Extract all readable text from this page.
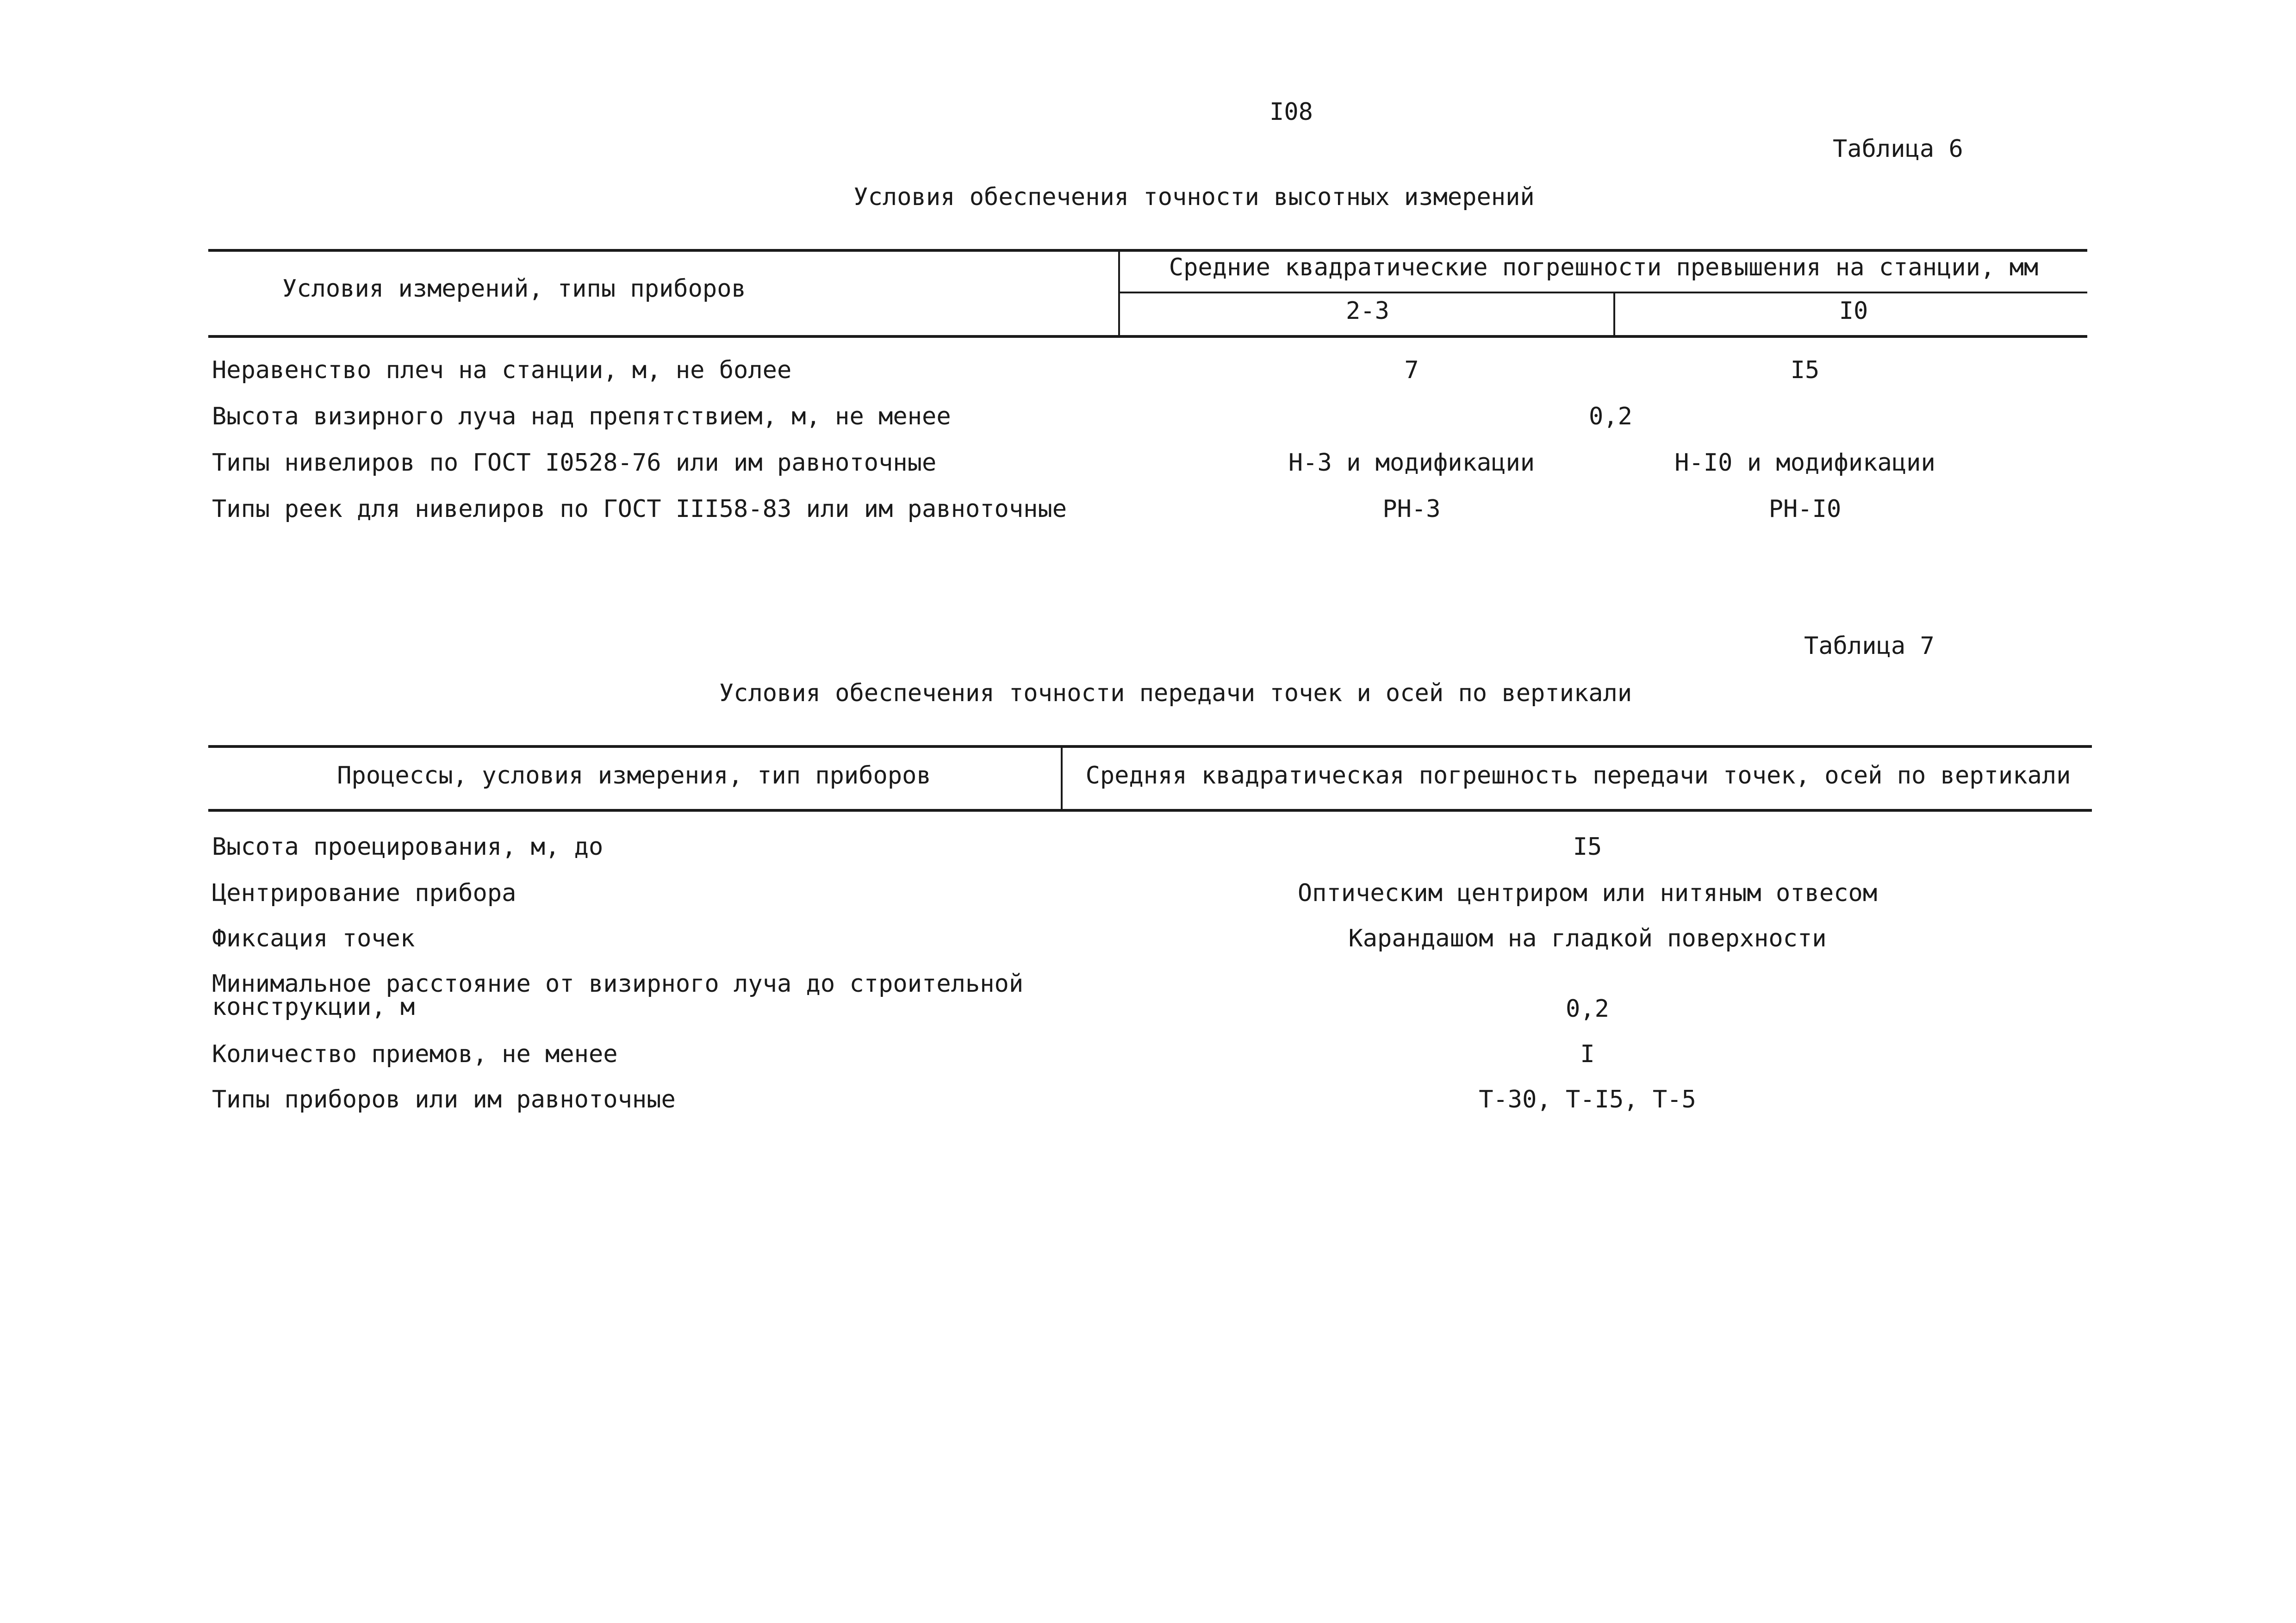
I08
Таблица 6
Условия обеспечения точности высотных измерений
Условия измерений, типы приборов
Средние квадратические погрешности превышения на станции, мм
2-3	I0
Неравенство плеч на станции, м, не более	7	I5
Высота визирного луча над препятствием, м, не менее	0,2
Типы нивелиров по ГОСТ I0528-76 или им равноточные	Н-3 и модификации	Н-I0 и модификации
Типы реек для нивелиров по ГОСТ III58-83 или им равноточные	РН-3	РН-I0
Таблица 7
Условия обеспечения точности передачи точек и осей по вертикали
Процессы, условия измерения, тип приборов	Средняя квадратическая погрешность передачи точек, осей по вертикали
Высота проецирования, м, до	I5
Центрирование прибора	Оптическим центриром или нитяным отвесом
Фиксация точек	Карандашом на гладкой поверхности
Минимальное расстояние от визирного луча до строительной
конструкции, м	0,2
Количество приемов, не менее	I
Типы приборов или им равноточные	Т-30, Т-I5, Т-5
